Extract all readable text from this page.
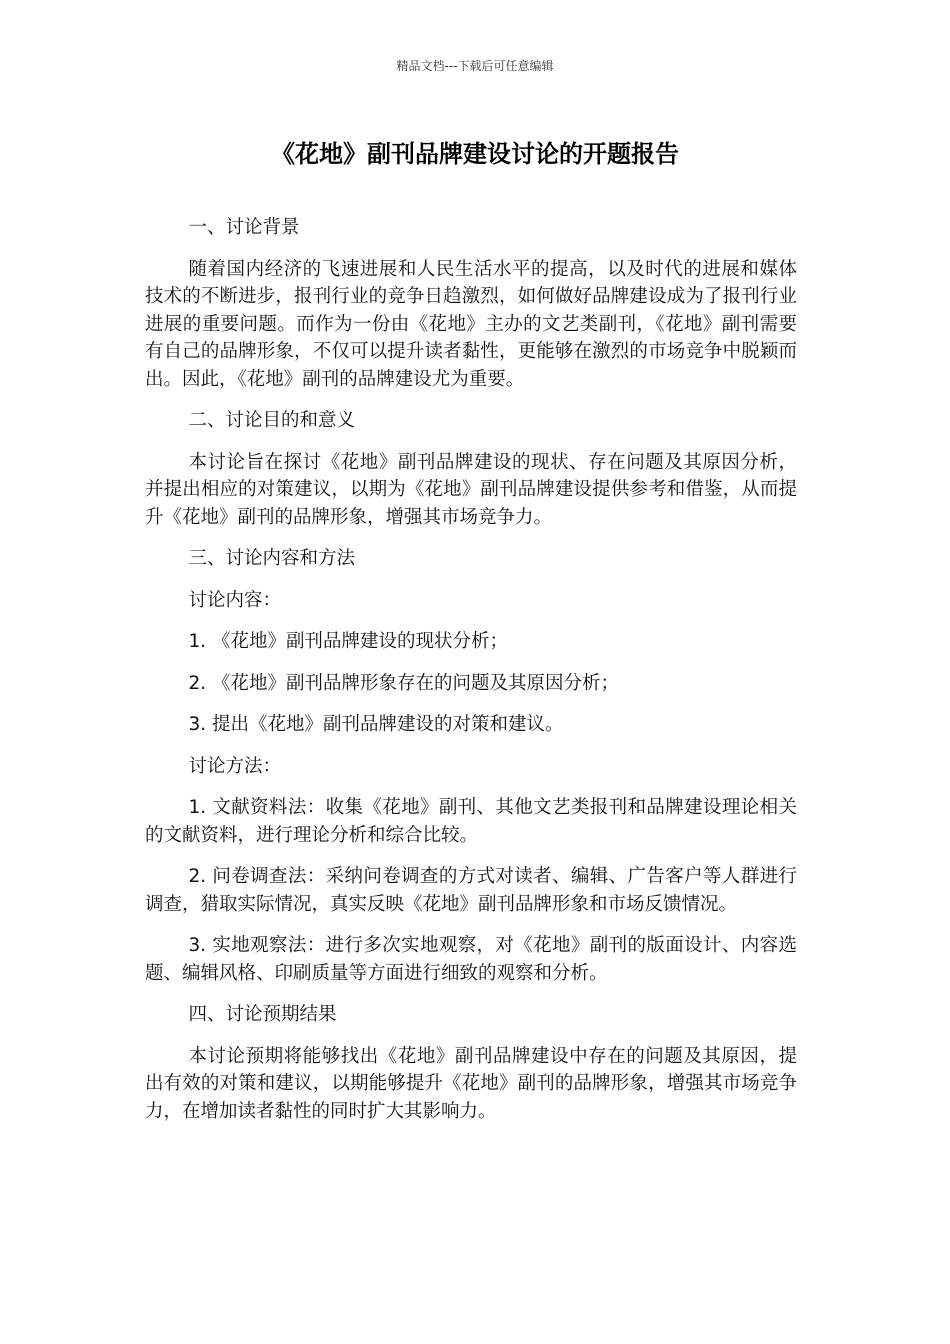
精品文档---下载后可任意编辑
《花地》副刊品牌建设讨论的开题报告

一、讨论背景

随着国内经济的飞速进展和人民生活水平的提高，以及时代的进展和媒体技术的不断进步，报刊行业的竞争日趋激烈，如何做好品牌建设成为了报刊行业进展的重要问题。而作为一份由《花地》主办的文艺类副刊，《花地》副刊需要有自己的品牌形象，不仅可以提升读者黏性，更能够在激烈的市场竞争中脱颖而出。因此，《花地》副刊的品牌建设尤为重要。

二、讨论目的和意义

本讨论旨在探讨《花地》副刊品牌建设的现状、存在问题及其原因分析，并提出相应的对策建议，以期为《花地》副刊品牌建设提供参考和借鉴，从而提升《花地》副刊的品牌形象，增强其市场竞争力。

三、讨论内容和方法

讨论内容：

1. 《花地》副刊品牌建设的现状分析；

2. 《花地》副刊品牌形象存在的问题及其原因分析；

3. 提出《花地》副刊品牌建设的对策和建议。

讨论方法：

1. 文献资料法：收集《花地》副刊、其他文艺类报刊和品牌建设理论相关的文献资料，进行理论分析和综合比较。

2. 问卷调查法：采纳问卷调查的方式对读者、编辑、广告客户等人群进行调查，猎取实际情况，真实反映《花地》副刊品牌形象和市场反馈情况。

3. 实地观察法：进行多次实地观察，对《花地》副刊的版面设计、内容选题、编辑风格、印刷质量等方面进行细致的观察和分析。

四、讨论预期结果

本讨论预期将能够找出《花地》副刊品牌建设中存在的问题及其原因，提出有效的对策和建议，以期能够提升《花地》副刊的品牌形象，增强其市场竞争力，在增加读者黏性的同时扩大其影响力。
